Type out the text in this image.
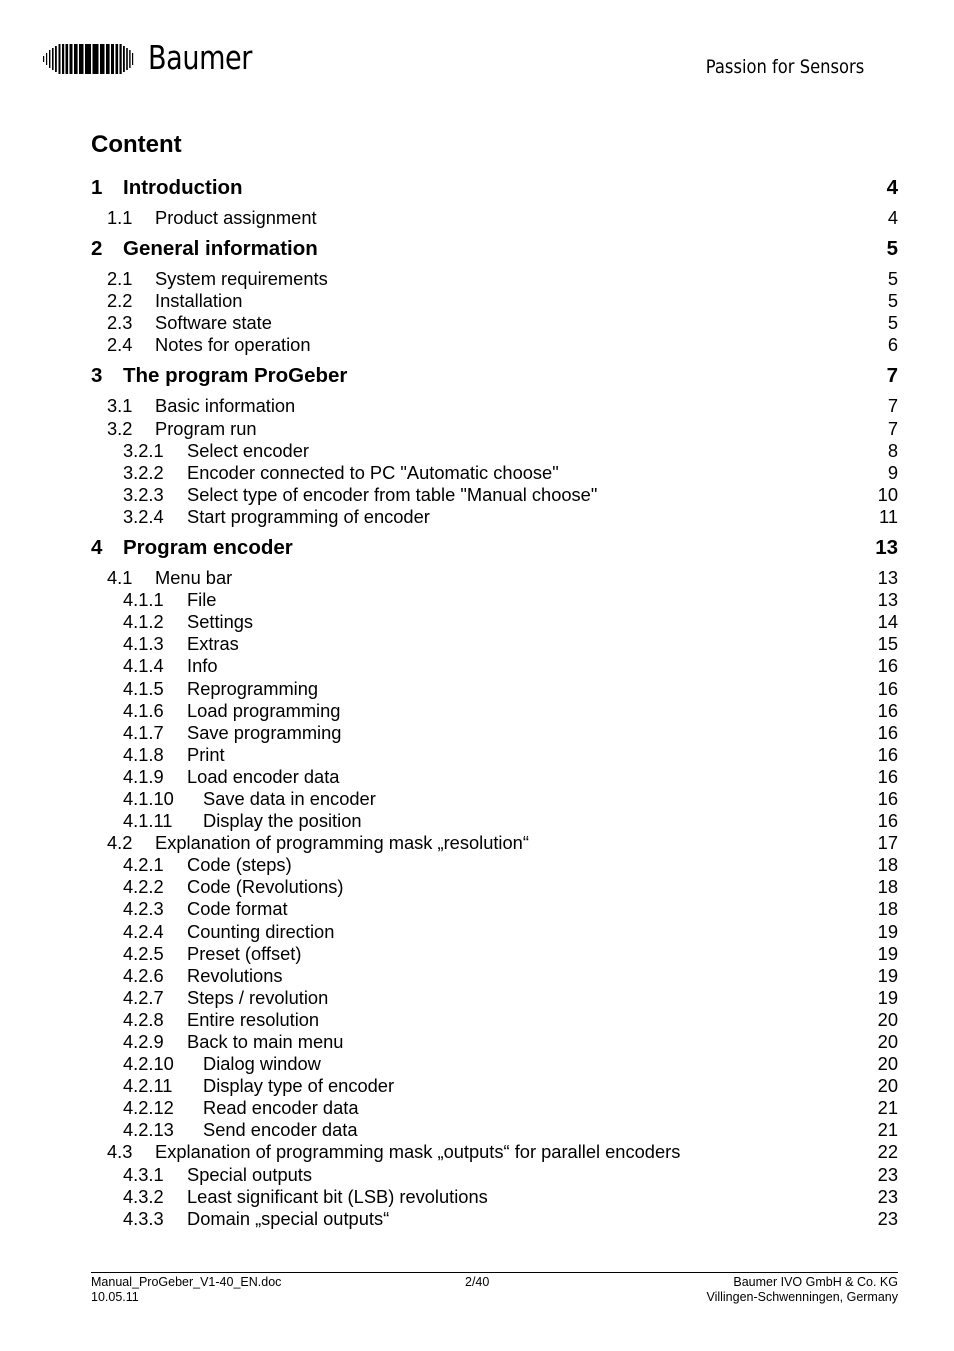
Baumer	Passion for Sensors
Content
1 Introduction	4
1.1 Product assignment	4
2 General information	5
2.1 System requirements	5
2.2 Installation	5
2.3 Software state	5
2.4 Notes for operation	6
3 The program ProGeber	7
3.1 Basic information	7
3.2 Program run	7
3.2.1 Select encoder	8
3.2.2 Encoder connected to PC "Automatic choose"	9
3.2.3 Select type of encoder from table "Manual choose"	10
3.2.4 Start programming of encoder	11
4 Program encoder	13
4.1 Menu bar	13
4.1.1 File	13
4.1.2 Settings	14
4.1.3 Extras	15
4.1.4 Info	16
4.1.5 Reprogramming	16
4.1.6 Load programming	16
4.1.7 Save programming	16
4.1.8 Print	16
4.1.9 Load encoder data	16
4.1.10 Save data in encoder	16
4.1.11 Display the position	16
4.2 Explanation of programming mask „resolution“	17
4.2.1 Code (steps)	18
4.2.2 Code (Revolutions)	18
4.2.3 Code format	18
4.2.4 Counting direction	19
4.2.5 Preset (offset)	19
4.2.6 Revolutions	19
4.2.7 Steps / revolution	19
4.2.8 Entire resolution	20
4.2.9 Back to main menu	20
4.2.10 Dialog window	20
4.2.11 Display type of encoder	20
4.2.12 Read encoder data	21
4.2.13 Send encoder data	21
4.3 Explanation of programming mask „outputs“ for parallel encoders	22
4.3.1 Special outputs	23
4.3.2 Least significant bit (LSB) revolutions	23
4.3.3 Domain „special outputs“	23
Manual_ProGeber_V1-40_EN.doc
10.05.11
2/40	Baumer IVO GmbH & Co. KG
Villingen-Schwenningen, Germany
